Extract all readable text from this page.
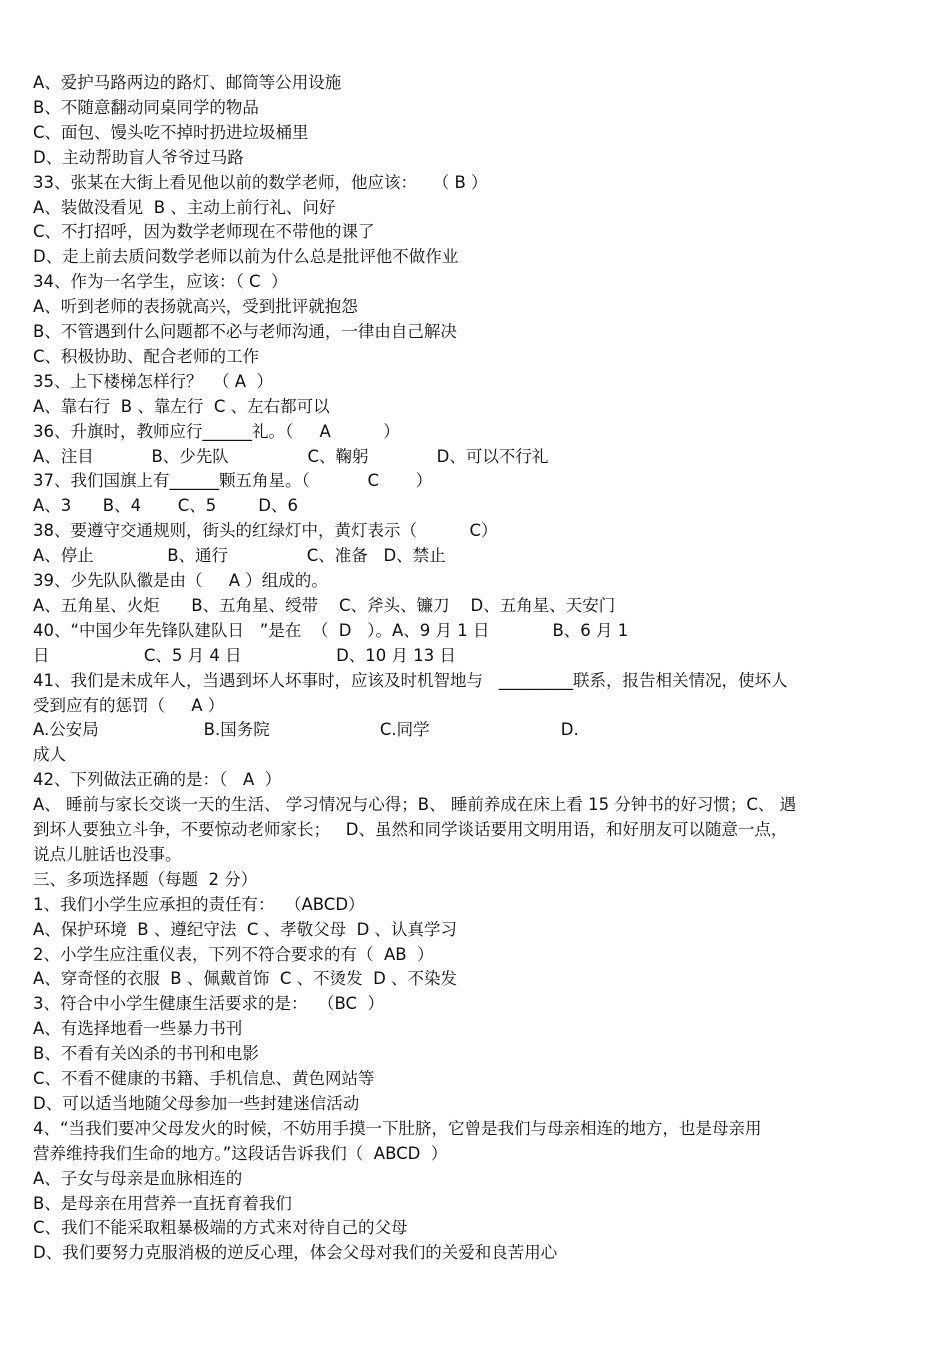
A、爱护马路两边的路灯、邮筒等公用设施
B、不随意翻动同桌同学的物品
C、面包、馒头吃不掉时扔进垃圾桶里
D、主动帮助盲人爷爷过马路
33、张某在大街上看见他以前的数学老师，他应该：   （ B ）
A、装做没看见  B 、主动上前行礼、问好
C、不打招呼，因为数学老师现在不带他的课了
D、走上前去质问数学老师以前为什么总是批评他不做作业
34、作为一名学生，应该：（ C  ）
A、听到老师的表扬就高兴，受到批评就抱怨
B、不管遇到什么问题都不必与老师沟通，一律由自己解决
C、积极协助、配合老师的工作
35、上下楼梯怎样行？  （ A  ）
A、靠右行  B 、靠左行  C 、左右都可以
36、升旗时，教师应行______礼。（     A          ）
A、注目           B、少先队               C、鞠躬             D、可以不行礼
37、我们国旗上有______颗五角星。（           C       ）
A、3      B、4       C、5        D、6
38、要遵守交通规则，街头的红绿灯中，黄灯表示（          C）
A、停止              B、通行               C、准备   D、禁止
39、少先队队徽是由（     A ）组成的。
A、五角星、火炬      B、五角星、绶带    C、斧头、镰刀    D、五角星、天安门
40、“中国少年先锋队建队日   ”是在  （  D   ）。A、9 月 1 日            B、6 月 1
日                  C、5 月 4 日                  D、10 月 13 日
41、我们是未成年人，当遇到坏人坏事时，应该及时机智地与   _________联系，报告相关情况，使坏人
受到应有的惩罚（     A ）
A.公安局                    B.国务院                     C.同学                         D.
成人
42、下列做法正确的是：（   A  ）
A、 睡前与家长交谈一天的生活、 学习情况与心得；B、 睡前养成在床上看 15 分钟书的好习惯；C、 遇
到坏人要独立斗争，不要惊动老师家长；   D、虽然和同学谈话要用文明用语，和好朋友可以随意一点，
说点儿脏话也没事。
三、多项选择题（每题  2 分）
1、我们小学生应承担的责任有：  （ABCD）
A、保护环境  B 、遵纪守法  C 、孝敬父母  D 、认真学习
2、小学生应注重仪表，下列不符合要求的有（  AB  ）
A、穿奇怪的衣服  B 、佩戴首饰  C 、不烫发  D 、不染发
3、符合中小学生健康生活要求的是：  （BC  ）
A、有选择地看一些暴力书刊
B、不看有关凶杀的书刊和电影
C、不看不健康的书籍、手机信息、黄色网站等
D、可以适当地随父母参加一些封建迷信活动
4、“当我们要冲父母发火的时候，不妨用手摸一下肚脐，它曾是我们与母亲相连的地方，也是母亲用
营养维持我们生命的地方。”这段话告诉我们（  ABCD  ）
A、子女与母亲是血脉相连的
B、是母亲在用营养一直抚育着我们
C、我们不能采取粗暴极端的方式来对待自己的父母
D、我们要努力克服消极的逆反心理，体会父母对我们的关爱和良苦用心
